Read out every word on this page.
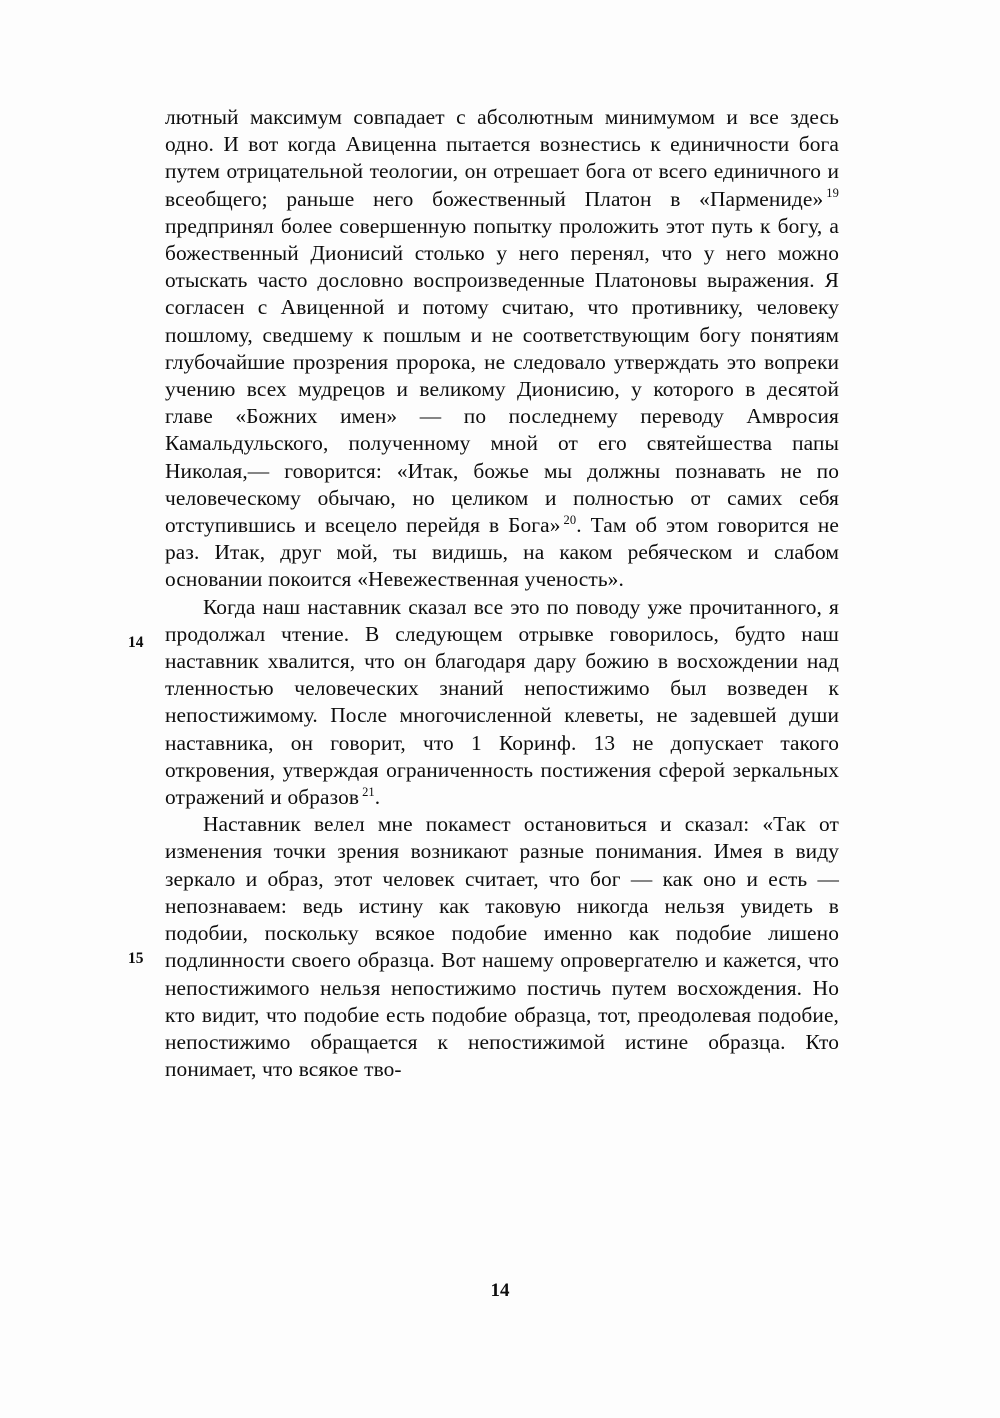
лютный максимум совпадает с абсолютным минимумом и все здесь одно. И вот когда Авиценна пытается вознестись к единичности бога путем отрицательной теологии, он отрешает бога от всего единичного и всеобщего; раньше него божественный Платон в «Пармениде» $^{19}$ предпринял более совершенную попытку проложить этот путь к богу, а божественный Дионисий столько у него перенял, что у него можно отыскать часто дословно воспроизведенные Платоновы выражения. Я согласен с Авиценной и потому считаю, что противнику, человеку пошлому, сведшему к пошлым и не соответствующим богу понятиям глубочайшие прозрения пророка, не следовало утверждать это вопреки учению всех мудрецов и великому Дионисию, у которого в десятой главе «Божних имен» — по последнему переводу Амвросия Камальдульского, полученному мной от его святейшества папы Николая,— говорится: «Итак, божье мы должны познавать не по человеческому обычаю, но целиком и полностью от самих себя отступившись и всецело перейдя в Бога» $^{20}$. Там об этом говорится не раз. Итак, друг мой, ты видишь, на каком ребяческом и слабом основании покоится «Невежественная ученость».

Когда наш наставник сказал все это по поводу уже прочитанного, я продолжал чтение. В следующем отрывке говорилось, будто наш наставник хвалится, что он благодаря дару божию в восхождении над тленностью человеческих знаний непостижимо был возведен к непостижимому. После многочисленной клеветы, не задевшей души наставника, он говорит, что 1 Коринф. 13 не допускает такого откровения, утверждая ограниченность постижения сферой зеркальных отражений и образов $^{21}$.

Наставник велел мне покамест остановиться и сказал: «Так от изменения точки зрения возникают разные понимания. Имея в виду зеркало и образ, этот человек считает, что бог — как оно и есть — непознаваем: ведь истину как таковую никогда нельзя увидеть в подобии, поскольку всякое подобие именно как подобие лишено подлинности своего образца. Вот нашему опровергателю и кажется, что непостижимого нельзя непостижимо постичь путем восхождения. Но кто видит, что подобие есть подобие образца, тот, преодолевая подобие, непостижимо обращается к непостижимой истине образца. Кто понимает, что всякое тво-

14
15
14
